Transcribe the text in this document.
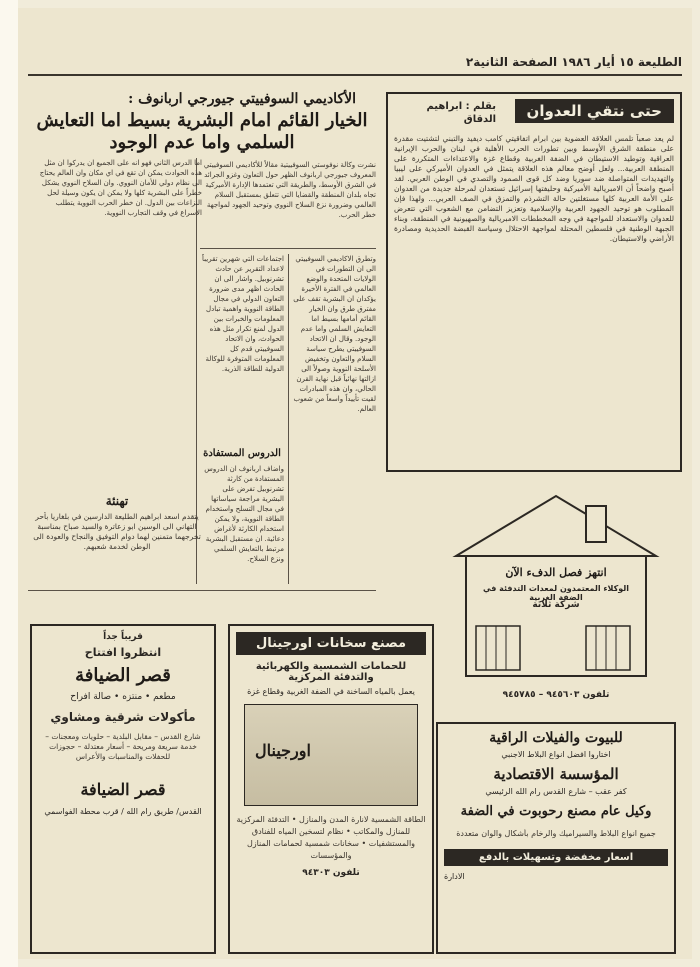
الطليعة ١٥ أيار ١٩٨٦ الصفحة الثانية
٢
حتى نتقي العدوان
بقلم : ابراهيم الدقاق
لم يعد صعباً تلمس العلاقة العضوية بين ابرام اتفاقيتي كامب ديفيد والتبني لتشتيت مقدرة على منطقة الشرق الأوسط وبين تطورات الحرب الأهلية في لبنان والحرب الإيرانية العراقية وتوطيد الاستيطان في الضفة الغربية وقطاع غزة والاعتداءات المتكررة على المنطقة العربية... ولعل أوضح معالم هذه العلاقة يتمثل في العدوان الأميركي على ليبيا والتهديدات المتواصلة ضد سوريا وضد كل قوى الصمود والتصدي في الوطن العربي. لقد أصبح واضحاً أن الامبريالية الأميركية وحليفتها إسرائيل تستعدان لمرحلة جديدة من العدوان على الأمة العربية كلها مستغلتين حالة التشرذم والتمزق في الصف العربي... ولهذا فإن المطلوب هو توحيد الجهود العربية والإسلامية وتعزيز التضامن مع الشعوب التي تتعرض للعدوان والاستعداد للمواجهة في وجه المخططات الامبريالية والصهيونية في المنطقة، وبناء الجبهة الوطنية في فلسطين المحتلة لمواجهة الاحتلال وسياسة القبضة الحديدية ومصادرة الأراضي والاستيطان.
الأكاديمي السوفييتي جيورجي اربانوف :
الخيار القائم امام البشرية بسيط اما التعايش السلمي واما عدم الوجود
نشرت وكالة نوفوستي السوفييتية مقالاً للأكاديمي السوفييتي المعروف جيورجي اربانوف الظهر حول التعاون وغزو الجرائد في الشرق الأوسط، والطريقة التي تعتمدها الإدارة الأميركية تجاه بلدان المنطقة والقضايا التي تتعلق بمستقبل السلام العالمي وضرورة نزع السلاح النووي وتوحيد الجهود لمواجهة خطر الحرب.
وتطرق الاكاديمي السوفييتي الى ان التطورات في الولايات المتحدة والوضع العالمي في الفترة الأخيرة يؤكدان ان البشرية تقف على مفترق طرق وان الخيار القائم أمامها بسيط اما التعايش السلمي واما عدم الوجود. وقال ان الاتحاد السوفييتي يطرح سياسة السلام والتعاون وتخفيض الأسلحة النووية وصولاً الى ازالتها نهائياً قبل نهاية القرن الحالي، وان هذه المبادرات لقيت تأييداً واسعاً من شعوب العالم.
اجتماعات التي شهرين تقريباً لاعداد التقرير عن حادث تشرنوبيل. واشار الى ان الحادث اظهر مدى ضرورة التعاون الدولي في مجال الطاقة النووية واهمية تبادل المعلومات والخبرات بين الدول لمنع تكرار مثل هذه الحوادث، وان الاتحاد السوفييتي قدم كل المعلومات المتوفرة للوكالة الدولية للطاقة الذرية.
الدروس المستفادة
واضاف اربانوف ان الدروس المستفادة من كارثة تشرنوبيل تفرض على البشرية مراجعة سياساتها في مجال التسلح واستخدام الطاقة النووية، ولا يمكن استخدام الكارثة لأغراض دعائية. ان مستقبل البشرية مرتبط بالتعايش السلمي ونزع السلاح.
اما الدرس الثاني فهو انه على الجميع ان يدركوا ان مثل هذه الحوادث يمكن ان تقع في اي مكان وان العالم يحتاج الى نظام دولي للأمان النووي. وان السلاح النووي يشكل خطراً على البشرية كلها ولا يمكن ان يكون وسيلة لحل النزاعات بين الدول. ان خطر الحرب النووية يتطلب الاسراع في وقف التجارب النووية.
تهنئة
يتقدم اسعد ابراهيم الطليعة الدارسين في بلغاريا بأحر التهاني الى الوسين ابو زعاترة والسيد صباح بمناسبة تخرجهما متمنين لهما دوام التوفيق والنجاح والعودة الى الوطن لخدمة شعبهم.
انتهز فصل الدفء الآن
الوكلاء المعتمدون لمعدات التدفئة في الضفة الغربية
شركة ثلاثة
تلفون ٩٤٥٦٠٣ – ٩٤٥٧٨٥
قريباً جداً
انتظروا افتتاح
قصر الضيافة
مطعم • منتزه • صالة افراح
مأكولات شرقية ومشاوي
شارع القدس – مقابل البلدية – حلويات ومعجنات – خدمة سريعة ومريحة – أسعار معتدلة – حجوزات للحفلات والمناسبات والأعراس
قصر الضيافة
القدس/ طريق رام الله / قرب محطة الفواسمي
مصنع سخانات اورجينال
للحمامات الشمسية والكهربائية والتدفئة المركزية
يعمل بالمياه الساخنة في الضفة الغربية وقطاع غزة
اورجينال
الطاقة الشمسية لانارة المدن والمنازل • التدفئة المركزية للمنازل والمكاتب • نظام لتسخين المياه للفنادق والمستشفيات • سخانات شمسية لحمامات المنازل والمؤسسات
تلفون ٩٤٣٠٣
للبيوت والفيلات الراقية
اختاروا افضل انواع البلاط الاجنبي
المؤسسة الاقتصادية
كفر عقب – شارع القدس رام الله الرئيسي
وكيل عام مصنع رحوبوت في الضفة
جميع انواع البلاط والسيراميك والرخام بأشكال والوان متعددة
اسعار مخفضة وتسهيلات بالدفع
الادارة
